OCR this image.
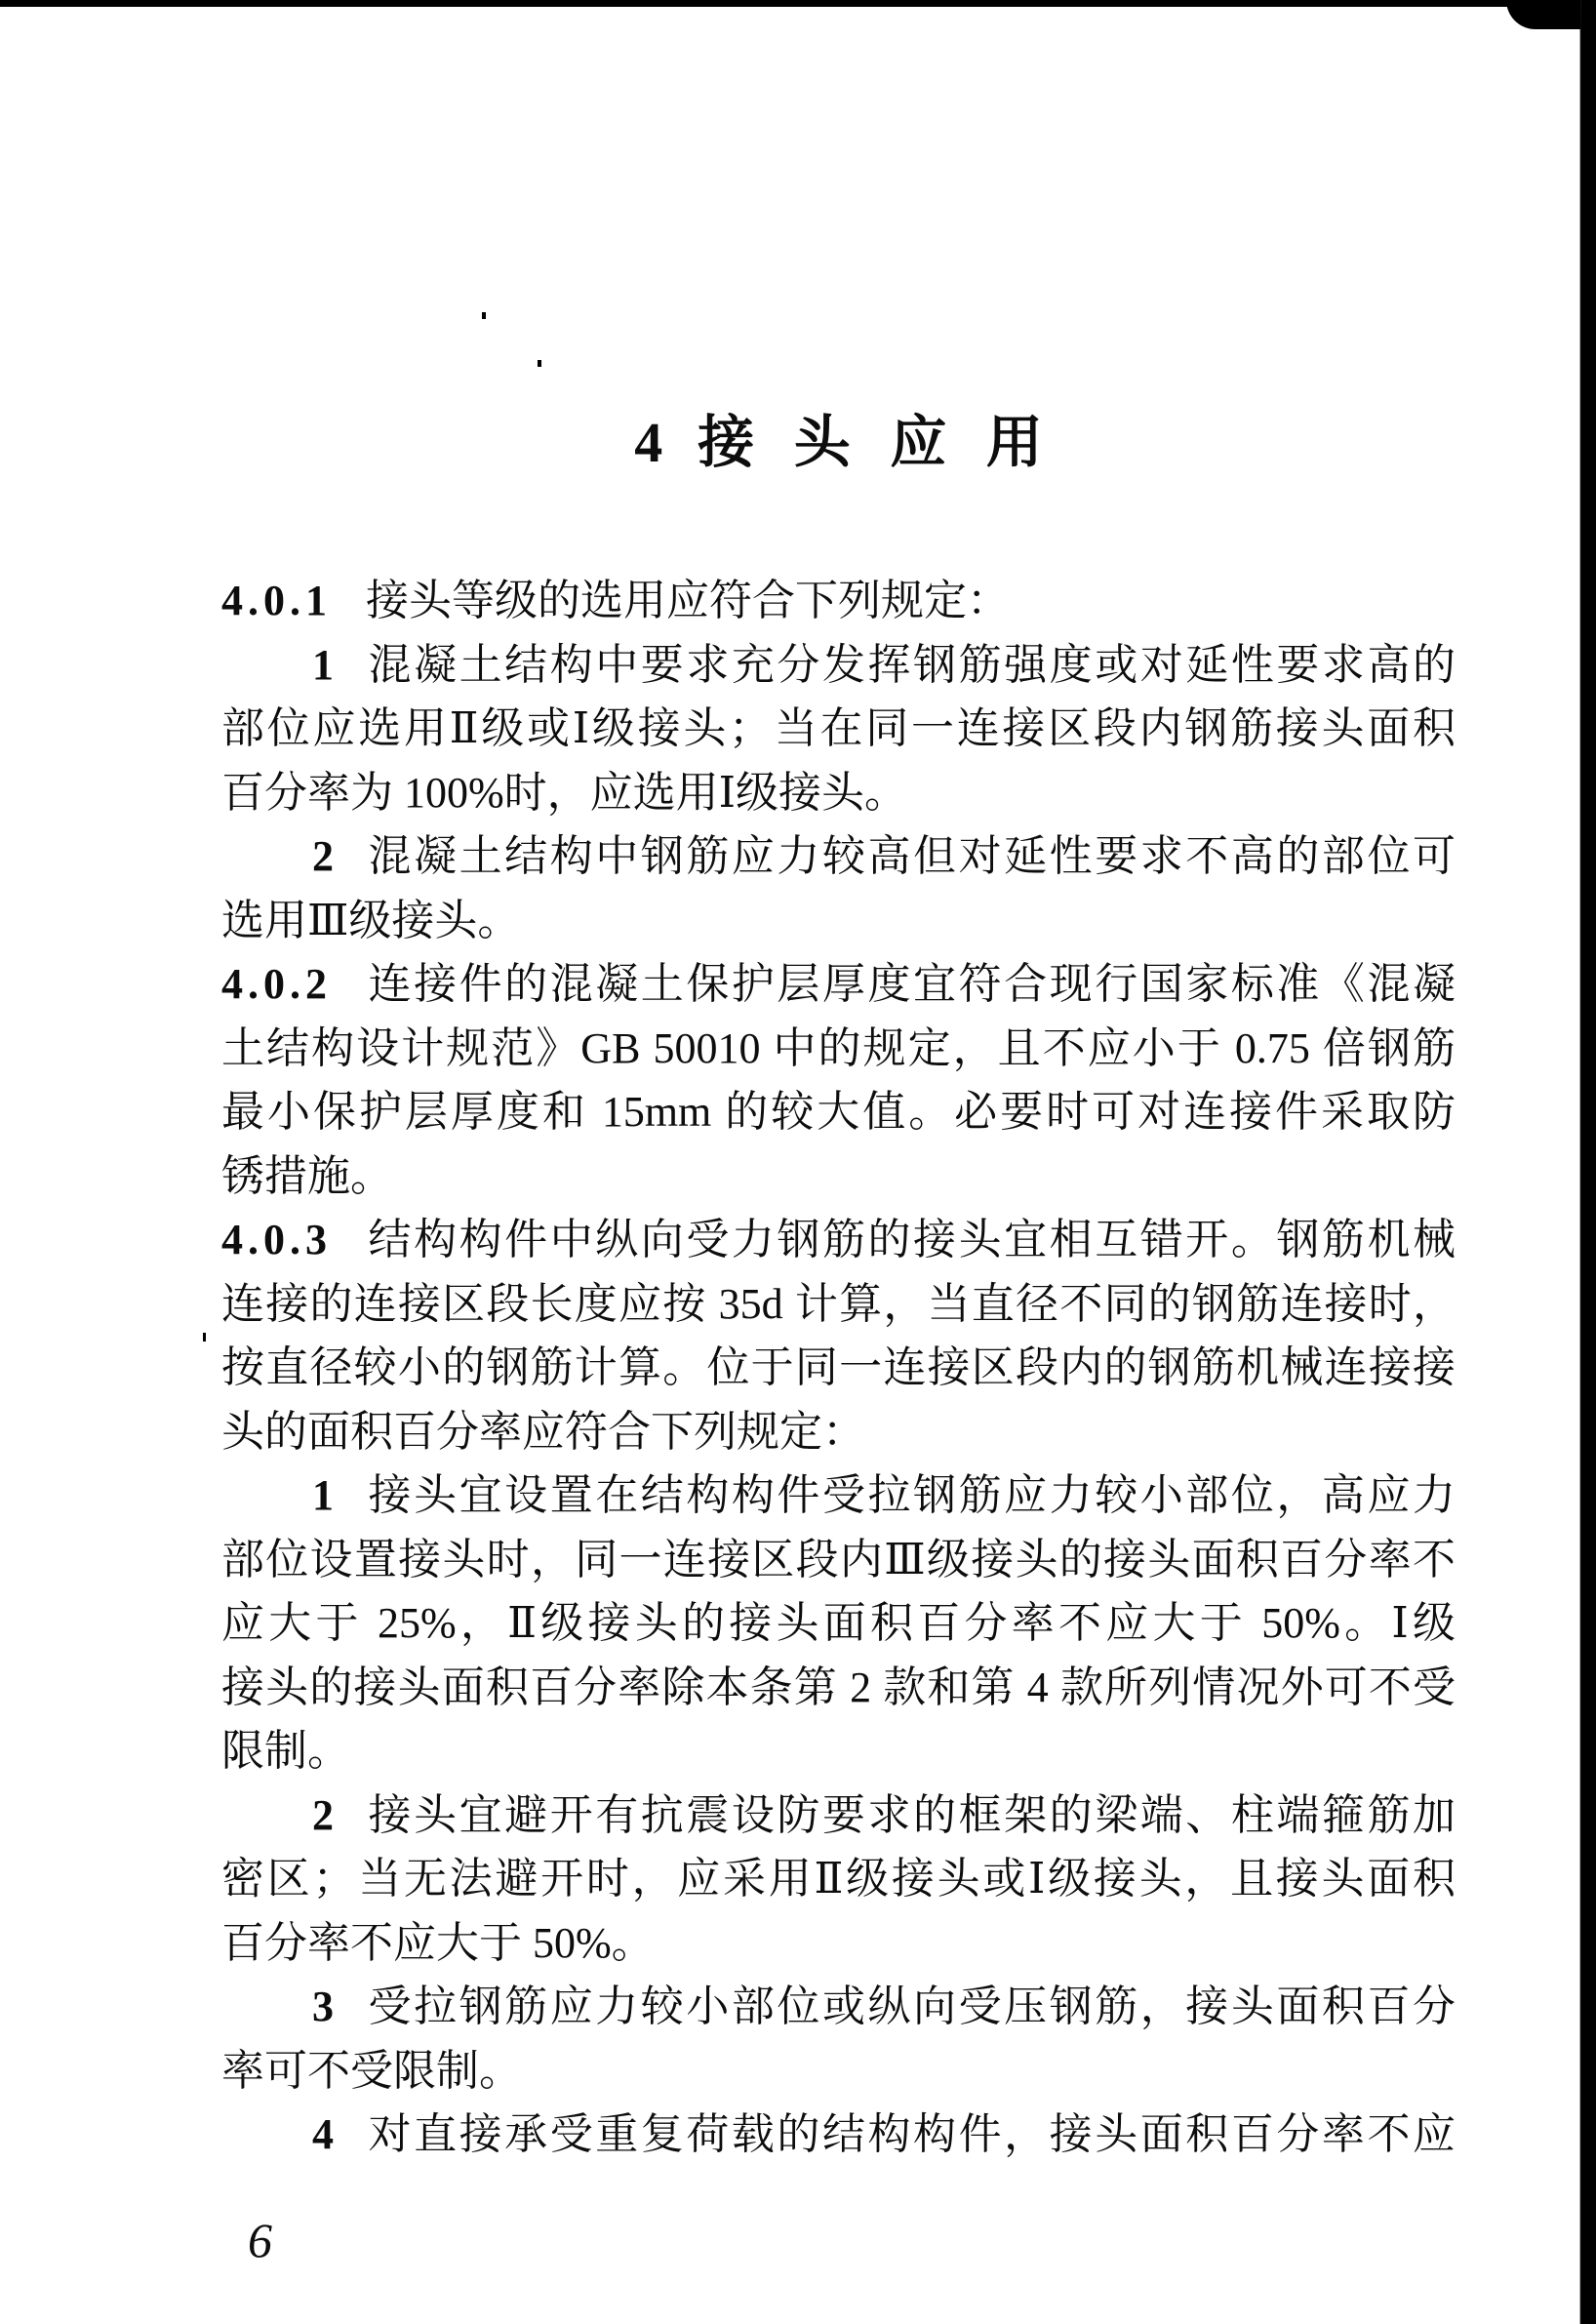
4 接 头 应 用
4.0.1 接头等级的选用应符合下列规定：
1 混凝土结构中要求充分发挥钢筋强度或对延性要求高的
部位应选用Ⅱ级或Ⅰ级接头；当在同一连接区段内钢筋接头面积
百分率为 100%时，应选用Ⅰ级接头。
2 混凝土结构中钢筋应力较高但对延性要求不高的部位可
选用Ⅲ级接头。
4.0.2 连接件的混凝土保护层厚度宜符合现行国家标准《混凝
土结构设计规范》GB 50010 中的规定，且不应小于 0.75 倍钢筋
最小保护层厚度和 15mm 的较大值。必要时可对连接件采取防
锈措施。
4.0.3 结构构件中纵向受力钢筋的接头宜相互错开。钢筋机械
连接的连接区段长度应按 35d 计算，当直径不同的钢筋连接时，
按直径较小的钢筋计算。位于同一连接区段内的钢筋机械连接接
头的面积百分率应符合下列规定：
1 接头宜设置在结构构件受拉钢筋应力较小部位，高应力
部位设置接头时，同一连接区段内Ⅲ级接头的接头面积百分率不
应大于 25%，Ⅱ级接头的接头面积百分率不应大于 50%。Ⅰ级
接头的接头面积百分率除本条第 2 款和第 4 款所列情况外可不受
限制。
2 接头宜避开有抗震设防要求的框架的梁端、柱端箍筋加
密区；当无法避开时，应采用Ⅱ级接头或Ⅰ级接头，且接头面积
百分率不应大于 50%。
3 受拉钢筋应力较小部位或纵向受压钢筋，接头面积百分
率可不受限制。
4 对直接承受重复荷载的结构构件，接头面积百分率不应
6
